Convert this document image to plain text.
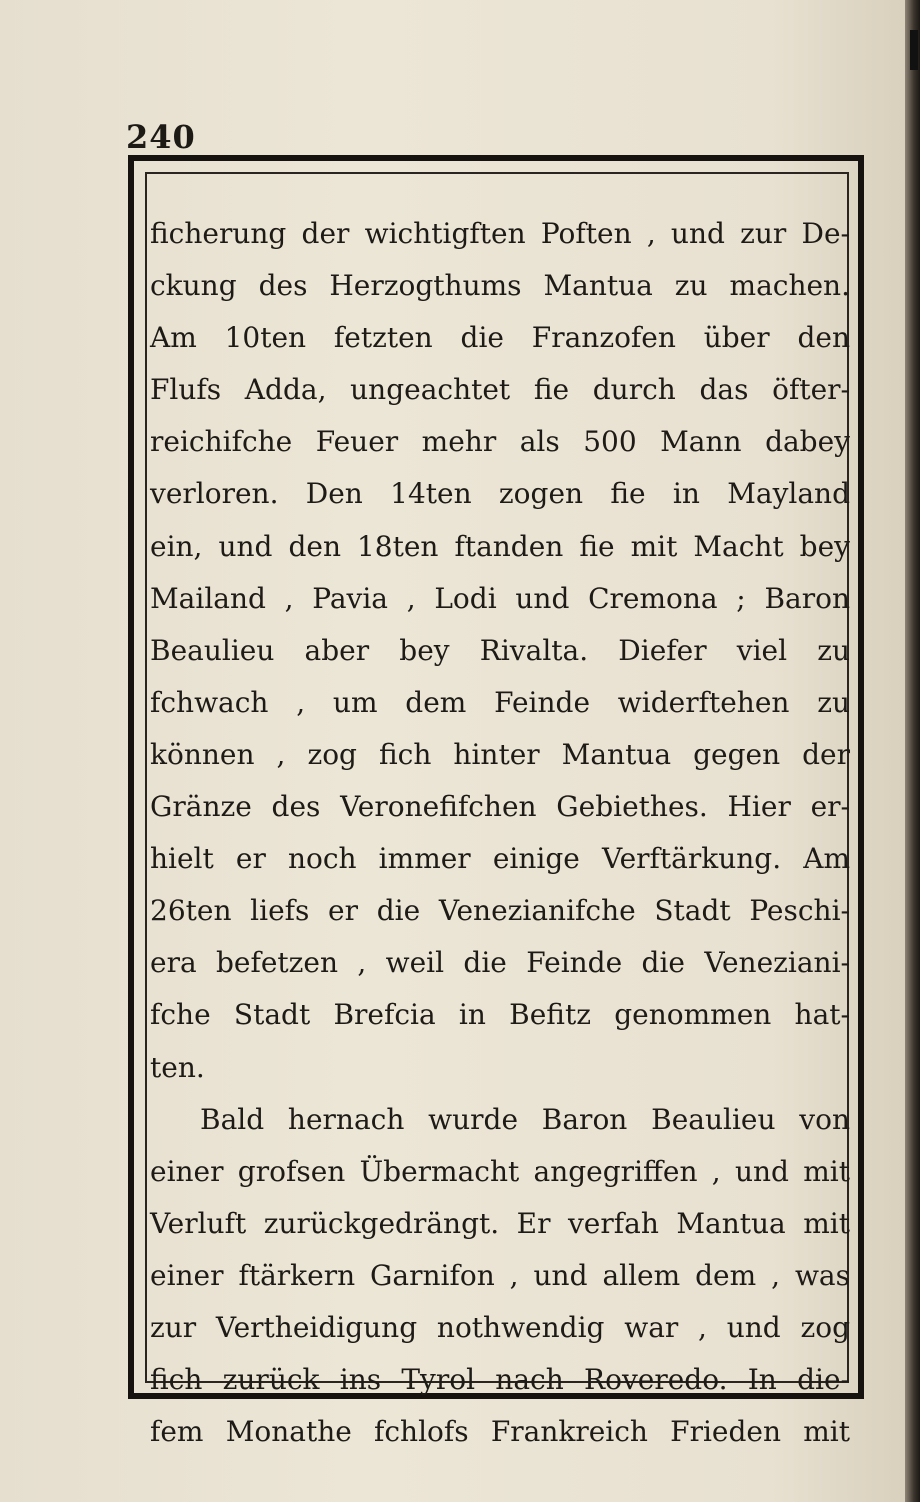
240
ficherung der wichtigften Poften , und zur De-
ckung des Herzogthums Mantua zu machen.
Am 10ten fetzten die Franzofen über den
Flufs Adda, ungeachtet fie durch das öfter-
reichifche Feuer mehr als 500 Mann dabey
verloren. Den 14ten zogen fie in Mayland
ein, und den 18ten ftanden fie mit Macht bey
Mailand , Pavia , Lodi und Cremona ; Baron
Beaulieu aber bey Rivalta. Diefer viel zu
fchwach , um dem Feinde widerftehen zu
können , zog fich hinter Mantua gegen der
Gränze des Veronefifchen Gebiethes. Hier er-
hielt er noch immer einige Verftärkung. Am
26ten liefs er die Venezianifche Stadt Peschi-
era befetzen , weil die Feinde die Veneziani-
fche Stadt Brefcia in Befitz genommen hat-
ten.
Bald hernach wurde Baron Beaulieu von
einer grofsen Übermacht angegriffen , und mit
Verluft zurückgedrängt. Er verfah Mantua mit
einer ftärkern Garnifon , und allem dem , was
zur Vertheidigung nothwendig war , und zog
fich zurück ins Tyrol nach Roveredo. In die-
fem Monathe fchlofs Frankreich Frieden mit
